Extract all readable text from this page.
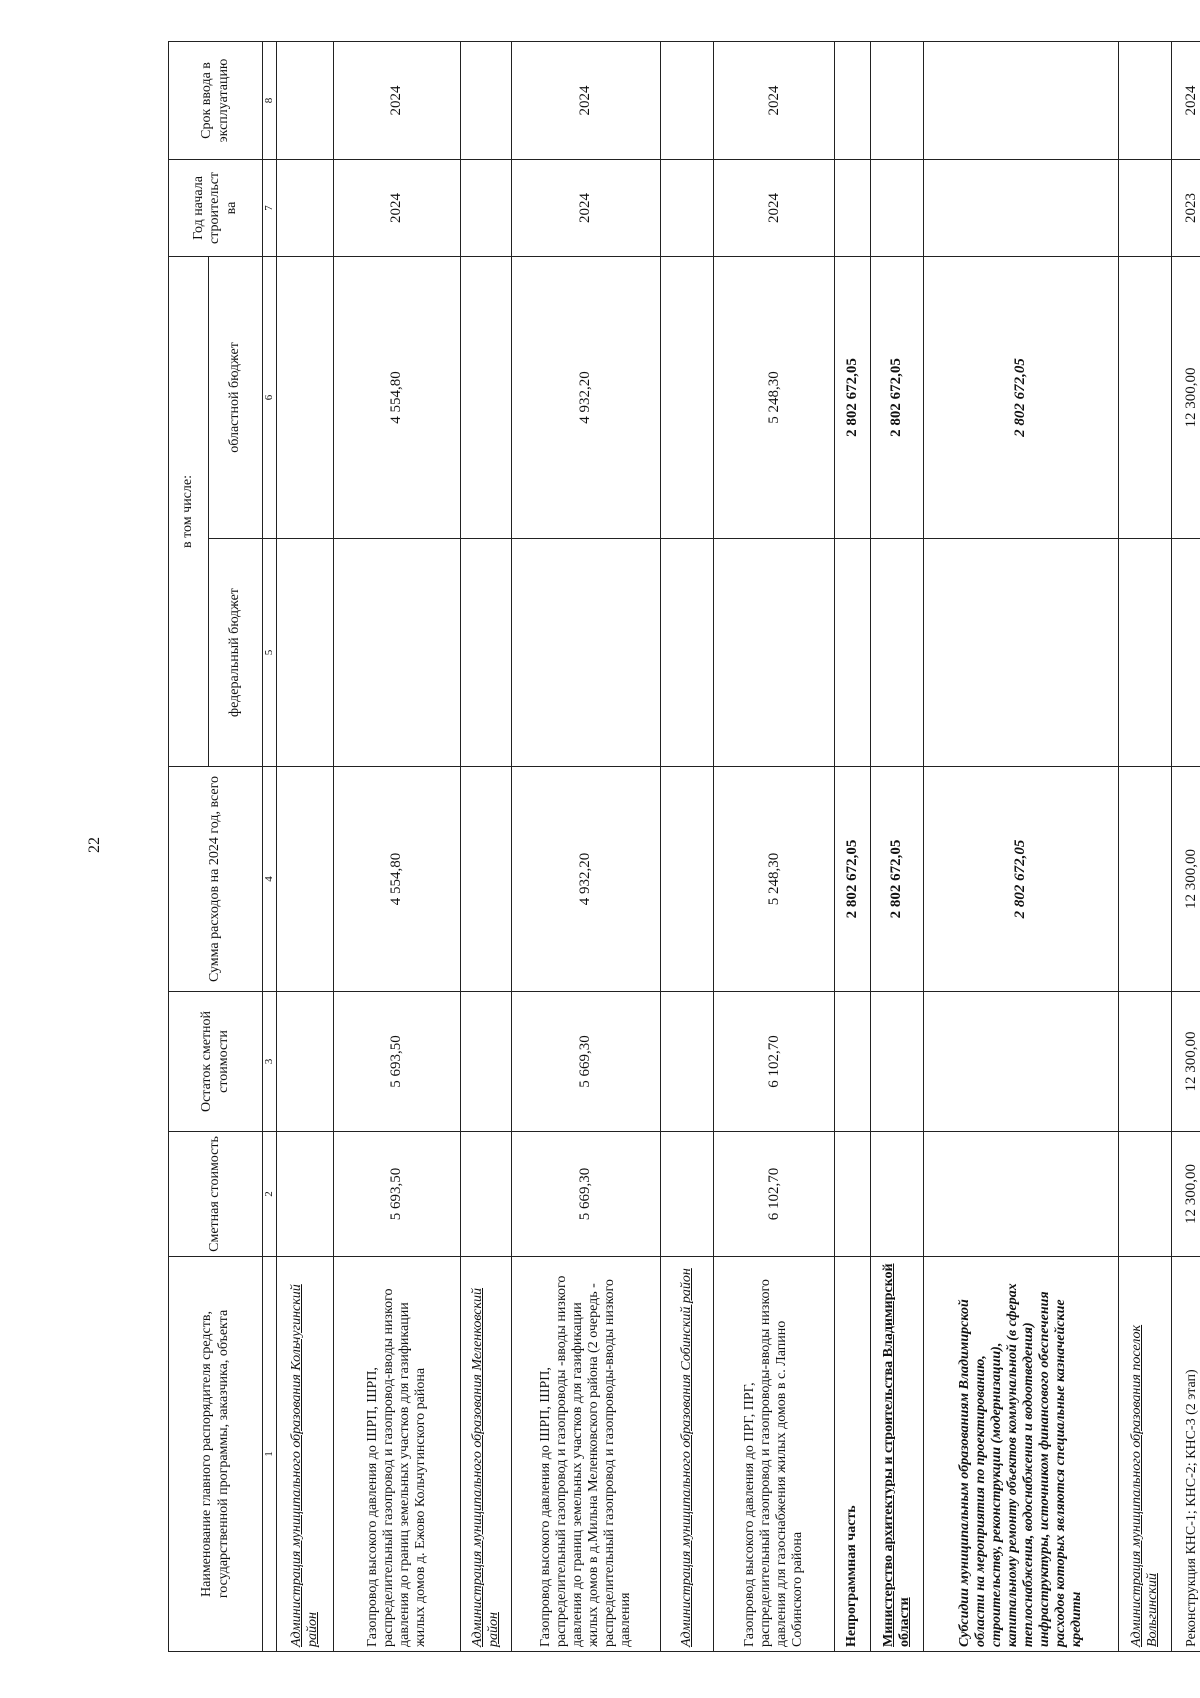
22
Наименование главного распорядителя средств, государственной программы, заказчика, объекта	Сметная стоимость	Остаток сметной стоимости	Сумма расходов на 2024 год, всего	в том числе:		Год начала строительст ва	Срок ввода в эксплуатацию
				федеральный бюджет	областной бюджет		
1	2	3	4	5	6	7	8
Администрация муниципального образования Кольчугинский район							
Газопровод высокого давления до ШРП, ШРП, распределительный газопровод и газопровод-вводы низкого давления до границ земельных участков для газификации жилых домов д. Ежово Кольчугинского района	5 693,50	5 693,50	4 554,80		4 554,80	2024	2024
Администрация муниципального образования Меленковский район							
Газопровод высокого давления до ШРП, ШРП, распределительный газопровод и газопроводы -вводы низкого давления до границ земельных участков для газификации жилых домов в д.Мильна Меленковского района (2 очередь - распределительный газопровод и газопроводы-вводы низкого давления	5 669,30	5 669,30	4 932,20		4 932,20	2024	2024
Администрация муниципального образования Собинский район							
Газопровод высокого давления до ПРГ, ПРГ, распределительный газопровод и газопроводы-вводы низкого давления для газоснабжения жилых домов в с. Лапино Собинского района	6 102,70	6 102,70	5 248,30		5 248,30	2024	2024
Непрограммная часть			2 802 672,05		2 802 672,05		
Министерство архитектуры и строительства Владимирской области			2 802 672,05		2 802 672,05		
Субсидии муниципальным образованиям Владимирской области на мероприятия по проектированию, строительству, реконструкции (модернизации), капитальному ремонту объектов коммунальной (в сферах теплоснабжения, водоснабжения и водоотведения) инфраструктуры, источником финансового обеспечения расходов которых являются специальные казначейские кредиты			2 802 672,05		2 802 672,05		
Администрация муниципального образования поселок Вольгинский							
Реконструкция КНС-1; КНС-2; КНС-3 (2 этап)	12 300,00	12 300,00	12 300,00		12 300,00	2023	2024
